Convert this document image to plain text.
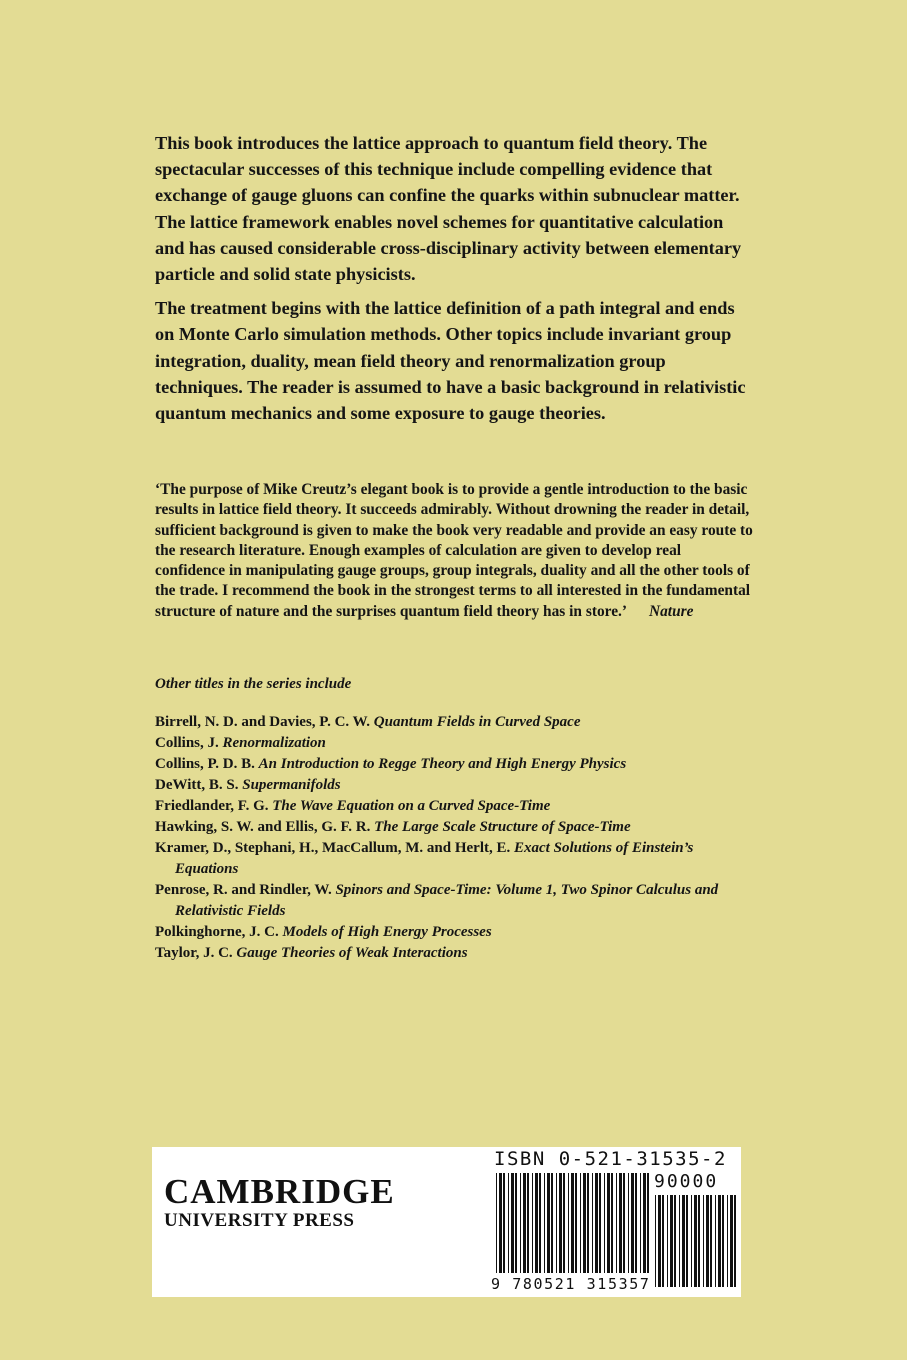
This book introduces the lattice approach to quantum field theory. The spectacular successes of this technique include compelling evidence that exchange of gauge gluons can confine the quarks within subnuclear matter. The lattice framework enables novel schemes for quantitative calculation and has caused considerable cross-disciplinary activity between elementary particle and solid state physicists.

The treatment begins with the lattice definition of a path integral and ends on Monte Carlo simulation methods. Other topics include invariant group integration, duality, mean field theory and renormalization group techniques. The reader is assumed to have a basic background in relativistic quantum mechanics and some exposure to gauge theories.

‘The purpose of Mike Creutz’s elegant book is to provide a gentle introduction to the basic results in lattice field theory. It succeeds admirably. Without drowning the reader in detail, sufficient background is given to make the book very readable and provide an easy route to the research literature. Enough examples of calculation are given to develop real confidence in manipulating gauge groups, group integrals, duality and all the other tools of the trade. I recommend the book in the strongest terms to all interested in the fundamental structure of nature and the surprises quantum field theory has in store.’ Nature

Other titles in the series include

Birrell, N. D. and Davies, P. C. W. Quantum Fields in Curved Space
Collins, J. Renormalization
Collins, P. D. B. An Introduction to Regge Theory and High Energy Physics
DeWitt, B. S. Supermanifolds
Friedlander, F. G. The Wave Equation on a Curved Space-Time
Hawking, S. W. and Ellis, G. F. R. The Large Scale Structure of Space-Time
Kramer, D., Stephani, H., MacCallum, M. and Herlt, E. Exact Solutions of Einstein’s Equations
Penrose, R. and Rindler, W. Spinors and Space-Time: Volume 1, Two Spinor Calculus and Relativistic Fields
Polkinghorne, J. C. Models of High Energy Processes
Taylor, J. C. Gauge Theories of Weak Interactions
CAMBRIDGE
UNIVERSITY PRESS
ISBN 0-521-31535-2
90000
9 780521 315357
